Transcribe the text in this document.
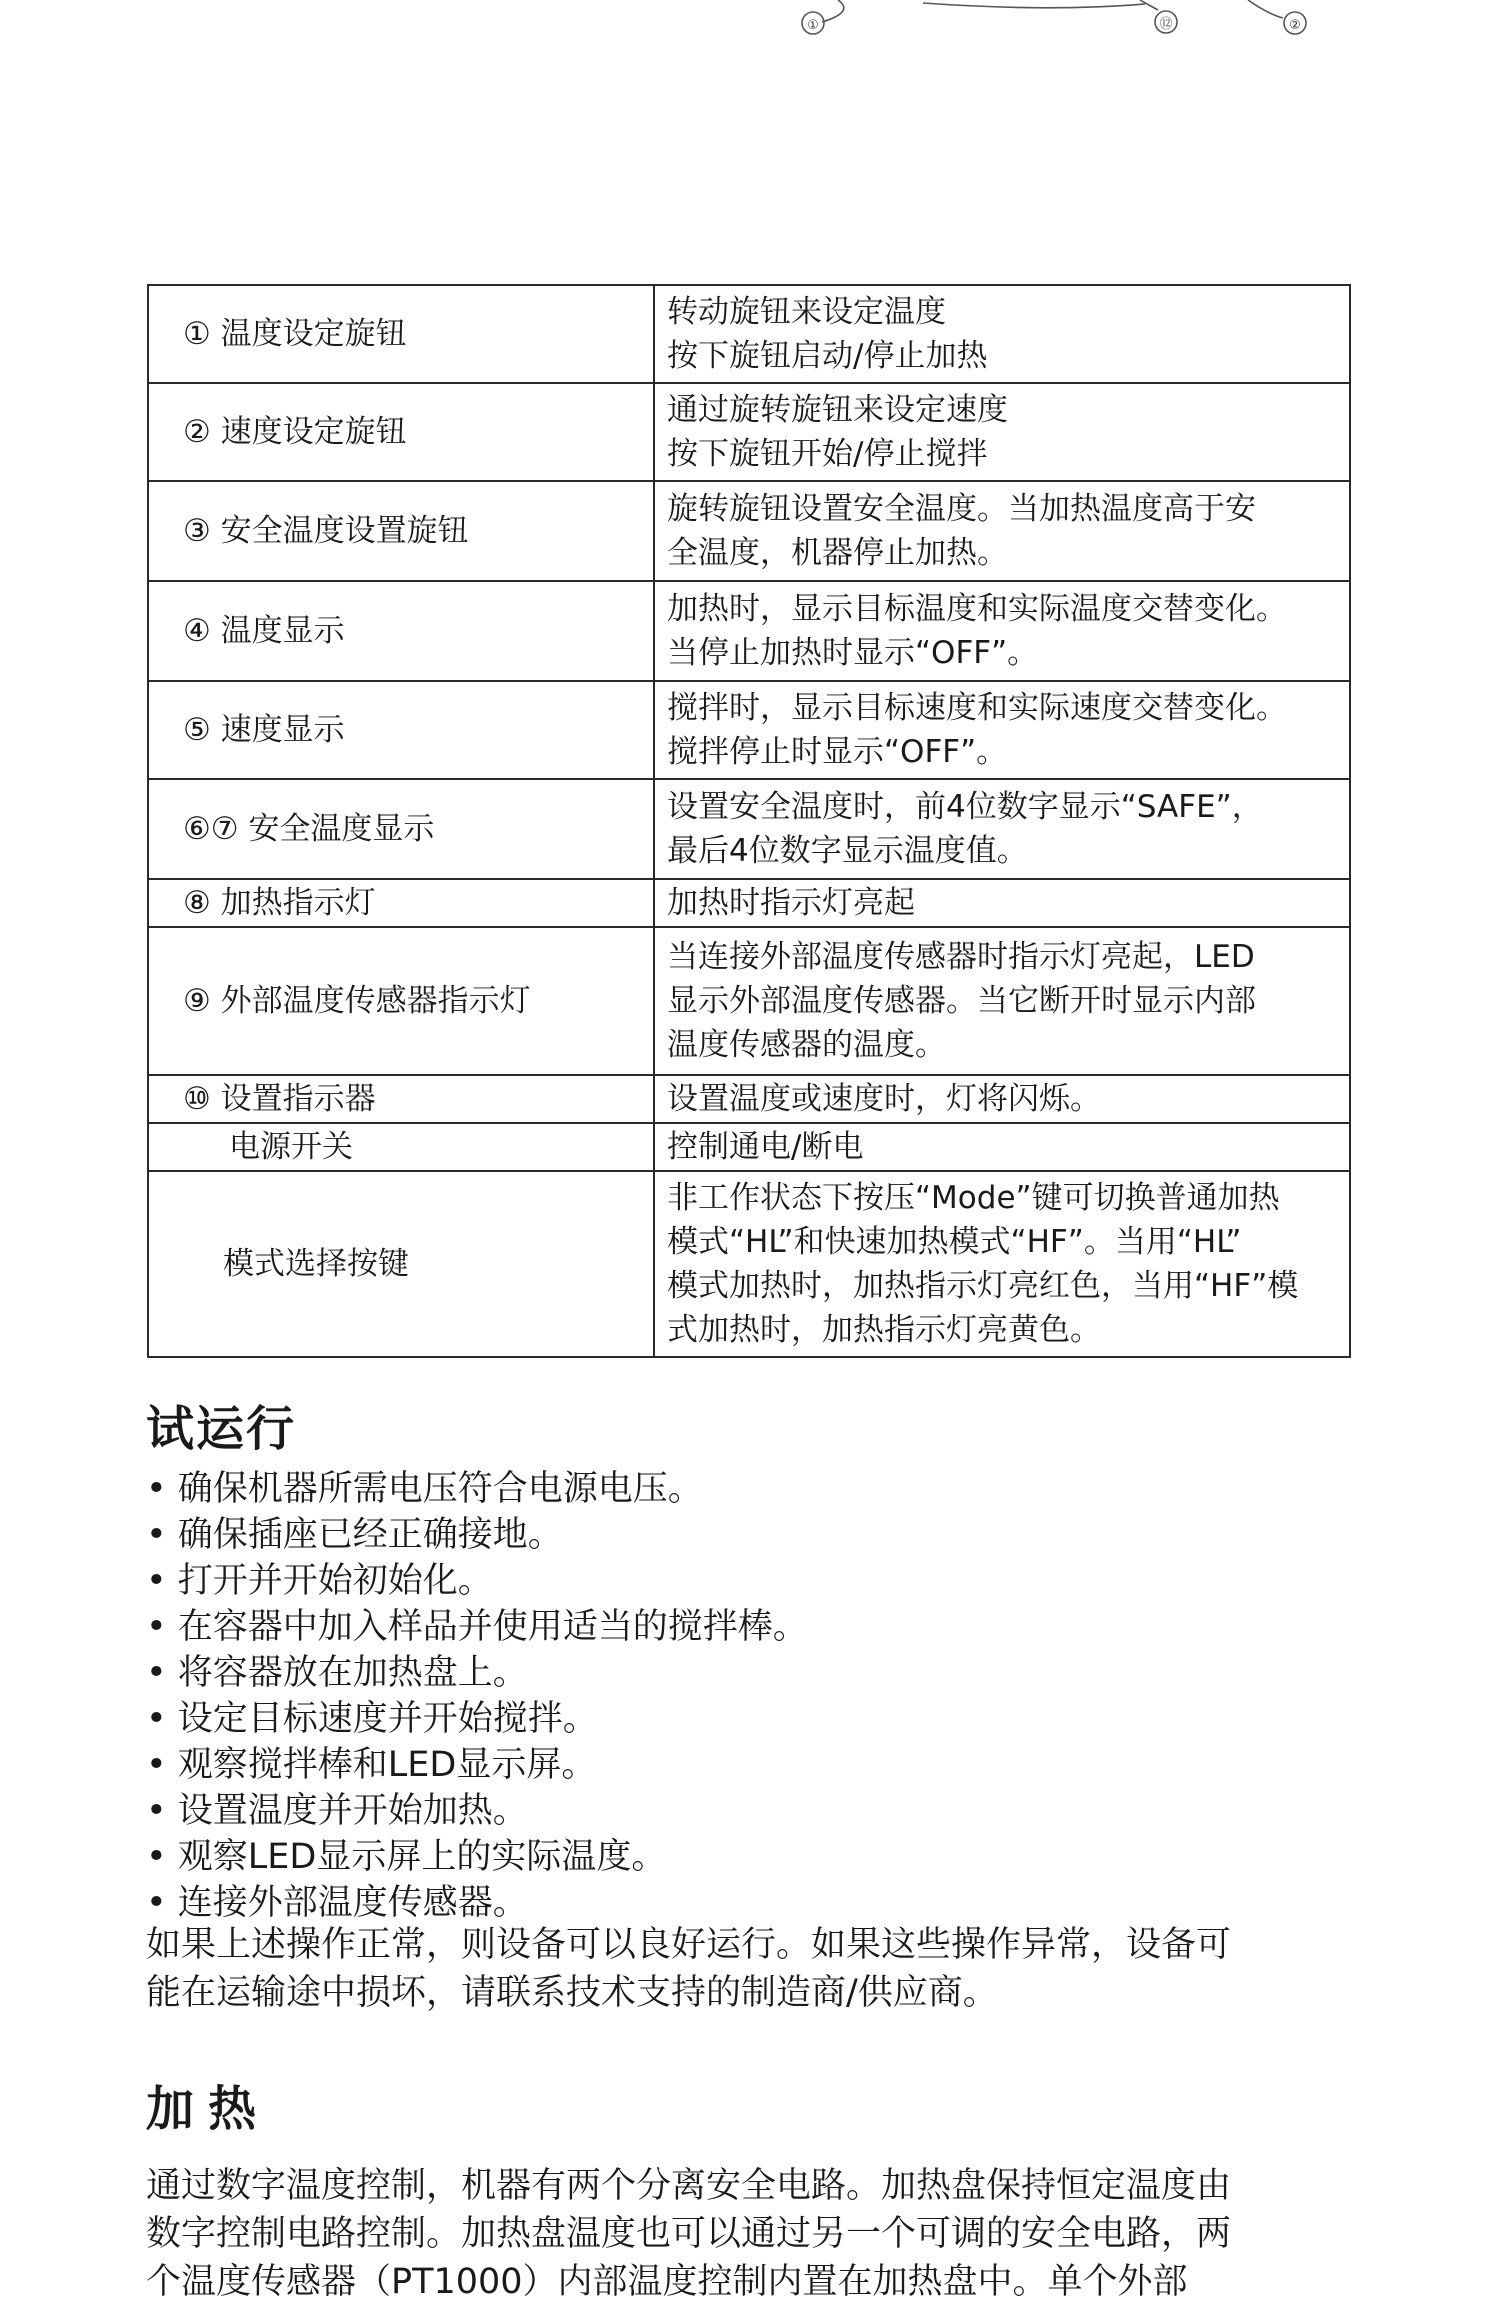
①	⑫	②
① 温度设定旋钮	转动旋钮来设定温度
按下旋钮启动/停止加热

② 速度设定旋钮	通过旋转旋钮来设定速度
按下旋钮开始/停止搅拌

③ 安全温度设置旋钮	旋转旋钮设置安全温度。当加热温度高于安
全温度，机器停止加热。

④ 温度显示	加热时，显示目标温度和实际温度交替变化。
当停止加热时显示“OFF”。

⑤ 速度显示	搅拌时，显示目标速度和实际速度交替变化。
搅拌停止时显示“OFF”。

⑥⑦ 安全温度显示	设置安全温度时，前4位数字显示“SAFE”，
最后4位数字显示温度值。

⑧ 加热指示灯	加热时指示灯亮起

⑨ 外部温度传感器指示灯	当连接外部温度传感器时指示灯亮起，LED
显示外部温度传感器。当它断开时显示内部
温度传感器的温度。

⑩ 设置指示器	设置温度或速度时，灯将闪烁。

电源开关	控制通电/断电

模式选择按键	非工作状态下按压“Mode”键可切换普通加热
模式“HL”和快速加热模式“HF”。当用“HL”
模式加热时，加热指示灯亮红色，当用“HF”模
式加热时，加热指示灯亮黄色。
试运行
• 确保机器所需电压符合电源电压。
• 确保插座已经正确接地。
• 打开并开始初始化。
• 在容器中加入样品并使用适当的搅拌棒。
• 将容器放在加热盘上。
• 设定目标速度并开始搅拌。
• 观察搅拌棒和LED显示屏。
• 设置温度并开始加热。
• 观察LED显示屏上的实际温度。
• 连接外部温度传感器。

如果上述操作正常，则设备可以良好运行。如果这些操作异常，设备可
能在运输途中损坏，请联系技术支持的制造商/供应商。

加热

通过数字温度控制，机器有两个分离安全电路。加热盘保持恒定温度由
数字控制电路控制。加热盘温度也可以通过另一个可调的安全电路，两
个温度传感器（PT1000）内部温度控制内置在加热盘中。单个外部
